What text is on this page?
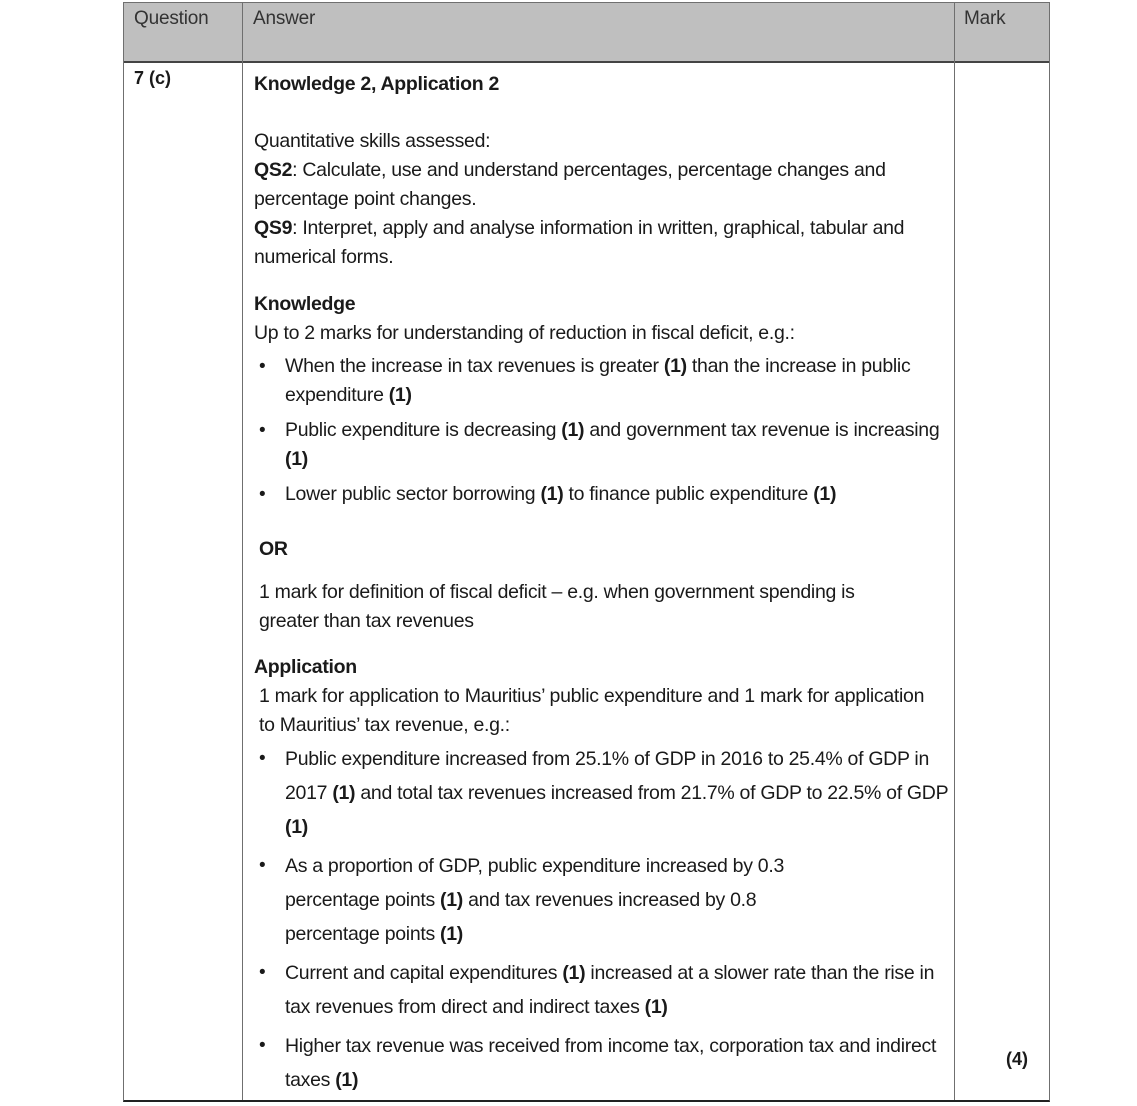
Question Answer	Mark
7 (c)
(4)
Knowledge 2, Application 2

Quantitative skills assessed:

QS2: Calculate, use and understand percentages, percentage changes and percentage point changes.

QS9: Interpret, apply and analyse information in written, graphical, tabular and numerical forms.

Knowledge

Up to 2 marks for understanding of reduction in fiscal deficit, e.g.:

• When the increase in tax revenues is greater (1) than the increase in public expenditure (1)
• Public expenditure is decreasing (1) and government tax revenue is increasing (1)
• Lower public sector borrowing (1) to finance public expenditure (1)

OR

1 mark for definition of fiscal deficit – e.g. when government spending is greater than tax revenues

Application

1 mark for application to Mauritius’ public expenditure and 1 mark for application to Mauritius’ tax revenue, e.g.:

• Public expenditure increased from 25.1% of GDP in 2016 to 25.4% of GDP in 2017 (1) and total tax revenues increased from 21.7% of GDP to 22.5% of GDP (1)
• As a proportion of GDP, public expenditure increased by 0.3 percentage points (1) and tax revenues increased by 0.8 percentage points (1)
• Current and capital expenditures (1) increased at a slower rate than the rise in tax revenues from direct and indirect taxes (1)
• Higher tax revenue was received from income tax, corporation tax and indirect taxes (1)
